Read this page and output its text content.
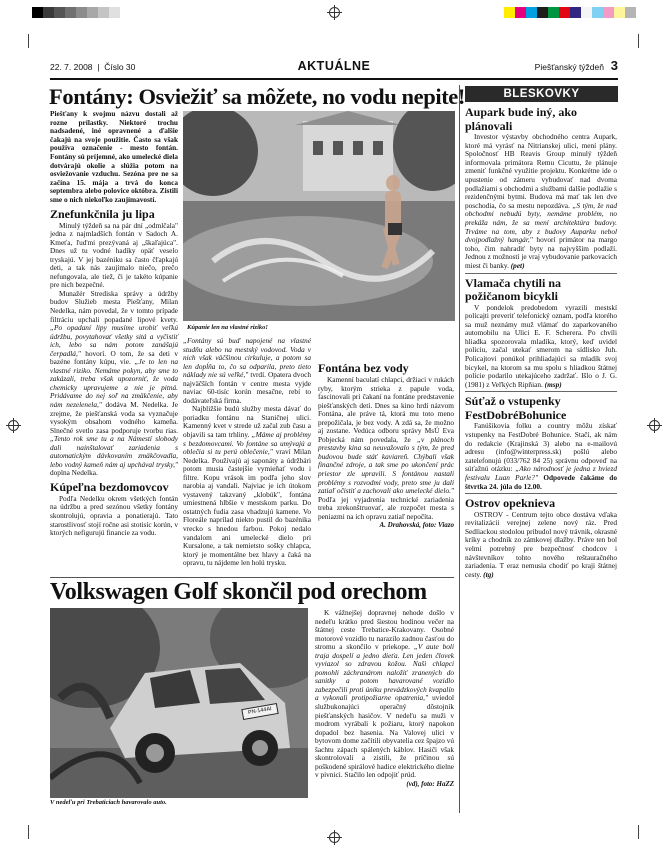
22. 7. 2008  |  Číslo 30	AKTUÁLNE	Piešťanský týždeň 3
Fontány: Osviežiť sa môžete, no vodu nepite!
Piešťany k svojmu názvu dostali až rozne prílastky. Niektoré trochu nadsadené, iné opravnené a ďalšie čakajú na svoje použitie. Často sa však používa označenie - mesto fontán. Fontány sú príjemné, ako umelecké diela dotvárajú okolie a slúžia potom na osviežovanie vzduchu. Sezóna pre ne sa začína 15. mája a trvá do konca septembra alebo polovice októbra. Zistili sme o nich niekoľko zaujímavostí.
Znefunkčnila ju lipa

Minulý týždeň sa na pár dní „odmlčala" jedna z najmladších fontán v Sadoch A. Kmeťa, ľuďmi prezývaná aj „škaľajúca". Dnes už tu vodné hadíky opäť veselo tryskajú. V jej bazéniku sa často čľapkajú deti, a tak nás zaujímalo niečo, prečo nefungovala, ale tiež, či je takéto kúpanie pre nich bezpečné.

Munažér Strediska správy a údržby budov Služieb mesta Piešťany, Milan Nedelka, nám povedal, že v tomto prípade filtráciu upchali popadané lipové kvety. „Po opadaní lipy musíme urobiť veľkú údržbu, povytahovať všetky sitá a vyčistiť ich, lebo sa nám potom zanášajú čerpadlá," hovorí. O tom, že sa deti v bazéne fontány kúpu, vie. „Je to len na vlastné riziko. Nemáme pokyn, aby sme to zakázali, treba však upozorniť, že voda chemicky upravujeme a nie je pitná. Pridávame do nej soľ na zmäkčenie, aby nám nezelenela," dodáva M. Nedelka. Je zrejme, že piešťanská voda sa vyznačuje vysokým obsahom vodného kameňa. Slnečné svetlo zasa podporuje tvorbu rias. „Tento rok sme tu a na Námestí slobody dali nainštalovať zariadenia s automatickým dávkovaním zmäkčovadla, lebo vodný kameň nám aj upchával trysky," doplna Nedelka.

Kúpeľna bezdomovcov

Podľa Nedelku okrem všetkých fontán na údržbu a pred sezónou všetky fontány skontrolujú, opravia a ponatierajú. Tato starostlivosť stojí ročne asi stotisíc korún, v ktorých nefigurujú financie za vodu.

Kúpanie len na vlastné riziko!

„Fontány sú buď napojené na vlastné studňu alebo na mestský vodovod. Voda v nich však väčšinou cirkuluje, a potom sa len dopĺňa to, čo sa odparila, preto tieto náklady nie sú veľké," tvrdí. Opatera dvoch najväčších fontán v centre mesta vyjde naviac 60-tisíc korún mesačne, rebí to dodávateľská firma.

Najbližšie budú služby mesta dávať do poriadku fontánu na Staničnej ulici. Kamenný kvet v strede už začal zub času a objavili sa tam trhliny. „Máme aj problémy s bezdomovcami. Vo fontáne sa umývajú a oblečia si tu perú oblečenie," vraví Milan Nedelka. Používajú aj saponáty a údržbári potom musia častejšie vymieňať vodu i filtre. Kopu vrások im podľa jeho slov narobia aj vandali. Najviac je ich útokom vystavený takzvaný „klobúk", fontána umiestnená hlbšie v mestskom parku. Do ostatných fudia zasa vhadzujú kamene. Vo Floreále naprílad niekto pustil do bazénika vrecko s hnedou farbou. Pokoj nedalo vandalom ani umelecké dielo pri Kursalone, a tak nemietsto sošky chlapca, ktorý je momentálne bez hlavy a čaká na opravu, tu nájdeme len holú trysku.

Fontána bez vody

Kamenní baculatí chlapci, držiaci v rukách ryby, ktorým strieka z papule voda, fascinovali pri čakaní na fontáne predstavenie piešťanských detí. Dnes sa kino hrdí názvom Fontána, ale práve tá, ktorá mu toto meno prepožičala, je bez vody. A zdá sa, že možno aj zostane. Vedúca odboru správy MsÚ Eva Pobjecká nám povedala, že „v plánoch prestavby kina sa neuvažovalo s tým, že pred budovou bude stáť kaviareň. Chýbali však finančné zdroje, a tak sme po ukončení prác priestor zle upravili. S fontánou nastali problémy s rozvodmi vody, preto sme ju dali zatiaľ očistiť a zachovali ako umelecké dielo." Podľa jej vyjadrenia technické zariadenia treba zrekonštruovať, ale rozpočet mesta s peniazmi na ich opravu zatiaľ nepočíta.

A. Drahovská, foto: Viazo
Volkswagen Golf skončil pod orechom
PN·144AI
V nedeľu pri Trebaticiach havarovalo auto.

K vážnejšej dopravnej nehode došlo v nedeľu krátko pred šiestou hodinou večer na štátnej ceste Trebatice-Krakovany. Osobné motorové vozidlo tu narazilo zadnou časťou do stromu a skončilo v priekope. „V aute boli traja dospelí a jedno dieťa. Len jeden človek vyviazol so zdravou kožou. Naši chlapci pomohli záchranárom naložiť zranených do sanitky a potom havarované vozidlo zabezpečili proti úniku prevádzkových kvapalín a vykonali protipožiarne opatrenia," uviedol službukonajúci operačný dôstojník piešťanských hasičov. V nedeľu sa muži v modrom vyrábali k požiaru, ktorý napokon dopadol bez hasenia. Na Valovej ulici v bytovom dome začítili obyvatelia cez špajzo vú šachtu zápach spálených káblov. Hasiči však skontrolovali a zistili, že príčinou sú poškodené spirálové hadice elektrického dielne v pivnici. Stačilo len odpojiť prúd.

(vd), foto: HaZZ
BLESKOVKY
Aupark bude iný, ako plánovali

Investor výstavby obchodného centra Aupark, ktoré má vyrásť na Nitrianskej ulici, mení plány. Spoločnosť HB Reavis Group minulý týždeň informovala primátora Remu Cicuttu, že plánuje zmeniť funkčné využitie projektu. Konkrétne ide o upustenie od zámeru vybudovať nad dvoma podlažiami s obchodmi a službami dalšie podlažie s rezidenčnými bytmi. Budova má mať tak len dve poschodia, čo sa mestu nepozdáva. „S tým, že nad obchodmi nebudú byty, nemáme problém, no prekáža nám, že sa mení architektúra budovy. Trváme na tom, aby z budovy Auparku nebol dvojpodlažný hangár," hovorí primátor na margo toho, čim nahradiť byty na najvyšším podlaží. Jednou z možností je vraj vybudovanie parkovacích miest či banky. (pet)

Vlamača chytili na požičanom bicykli

V pondelok predobedom vyrazili mestskí policajti preveriť telefonický oznam, podľa ktorého sa muž neznámy muž vlámať do zaparkovaného automobilu na Ulici E. F. Scherera. Po chvíli hliadka spozorovala mladíka, ktorý, keď uvidel policiu, začal utekať smerom na sídlisko Juh. Policajtovi ponúkol prihliadajúci sa mladík svoj bicykel, na ktorom sa mu spolu s hliadkou štátnej polície podarilo utekajúceho zadržať. Išlo o J. G. (1981) z Veľkých Ripňian. (msp)

Súťaž o vstupenky FestDobréBohunice

Fanúšikovia folku a country môžu získať vstupenky na FestDobré Bohunice. Stačí, ak nám do redakcie (Krajinská 3) alebo na e-mailovú adresu (info@winterpress.sk) pošlú alebo zatelefonujú (033/762 84 25) správnu odpoveď na súťažnú otázku: „Ako národnosť je jedna z hviezd festivalu Luan Parle?" Odpovede čakáme do štvrtka 24. júla do 12.00.

Ostrov opeknieva

OSTROV - Centrum tejto obce dostáva vďaka revitalizácii verejnej zelene nový ráz. Pred Sedliackou stodolou pribudol nový trávnik, okrasné kríky a chodník zo zámkovej dlažby. Práve ten bol velmi potrebný pre bezpečnosť chodcov i návštevníkov tohto nového reštauračného zariadenia. T eraz nemusia chodiť po kraji štátnej cesty. (tg)
